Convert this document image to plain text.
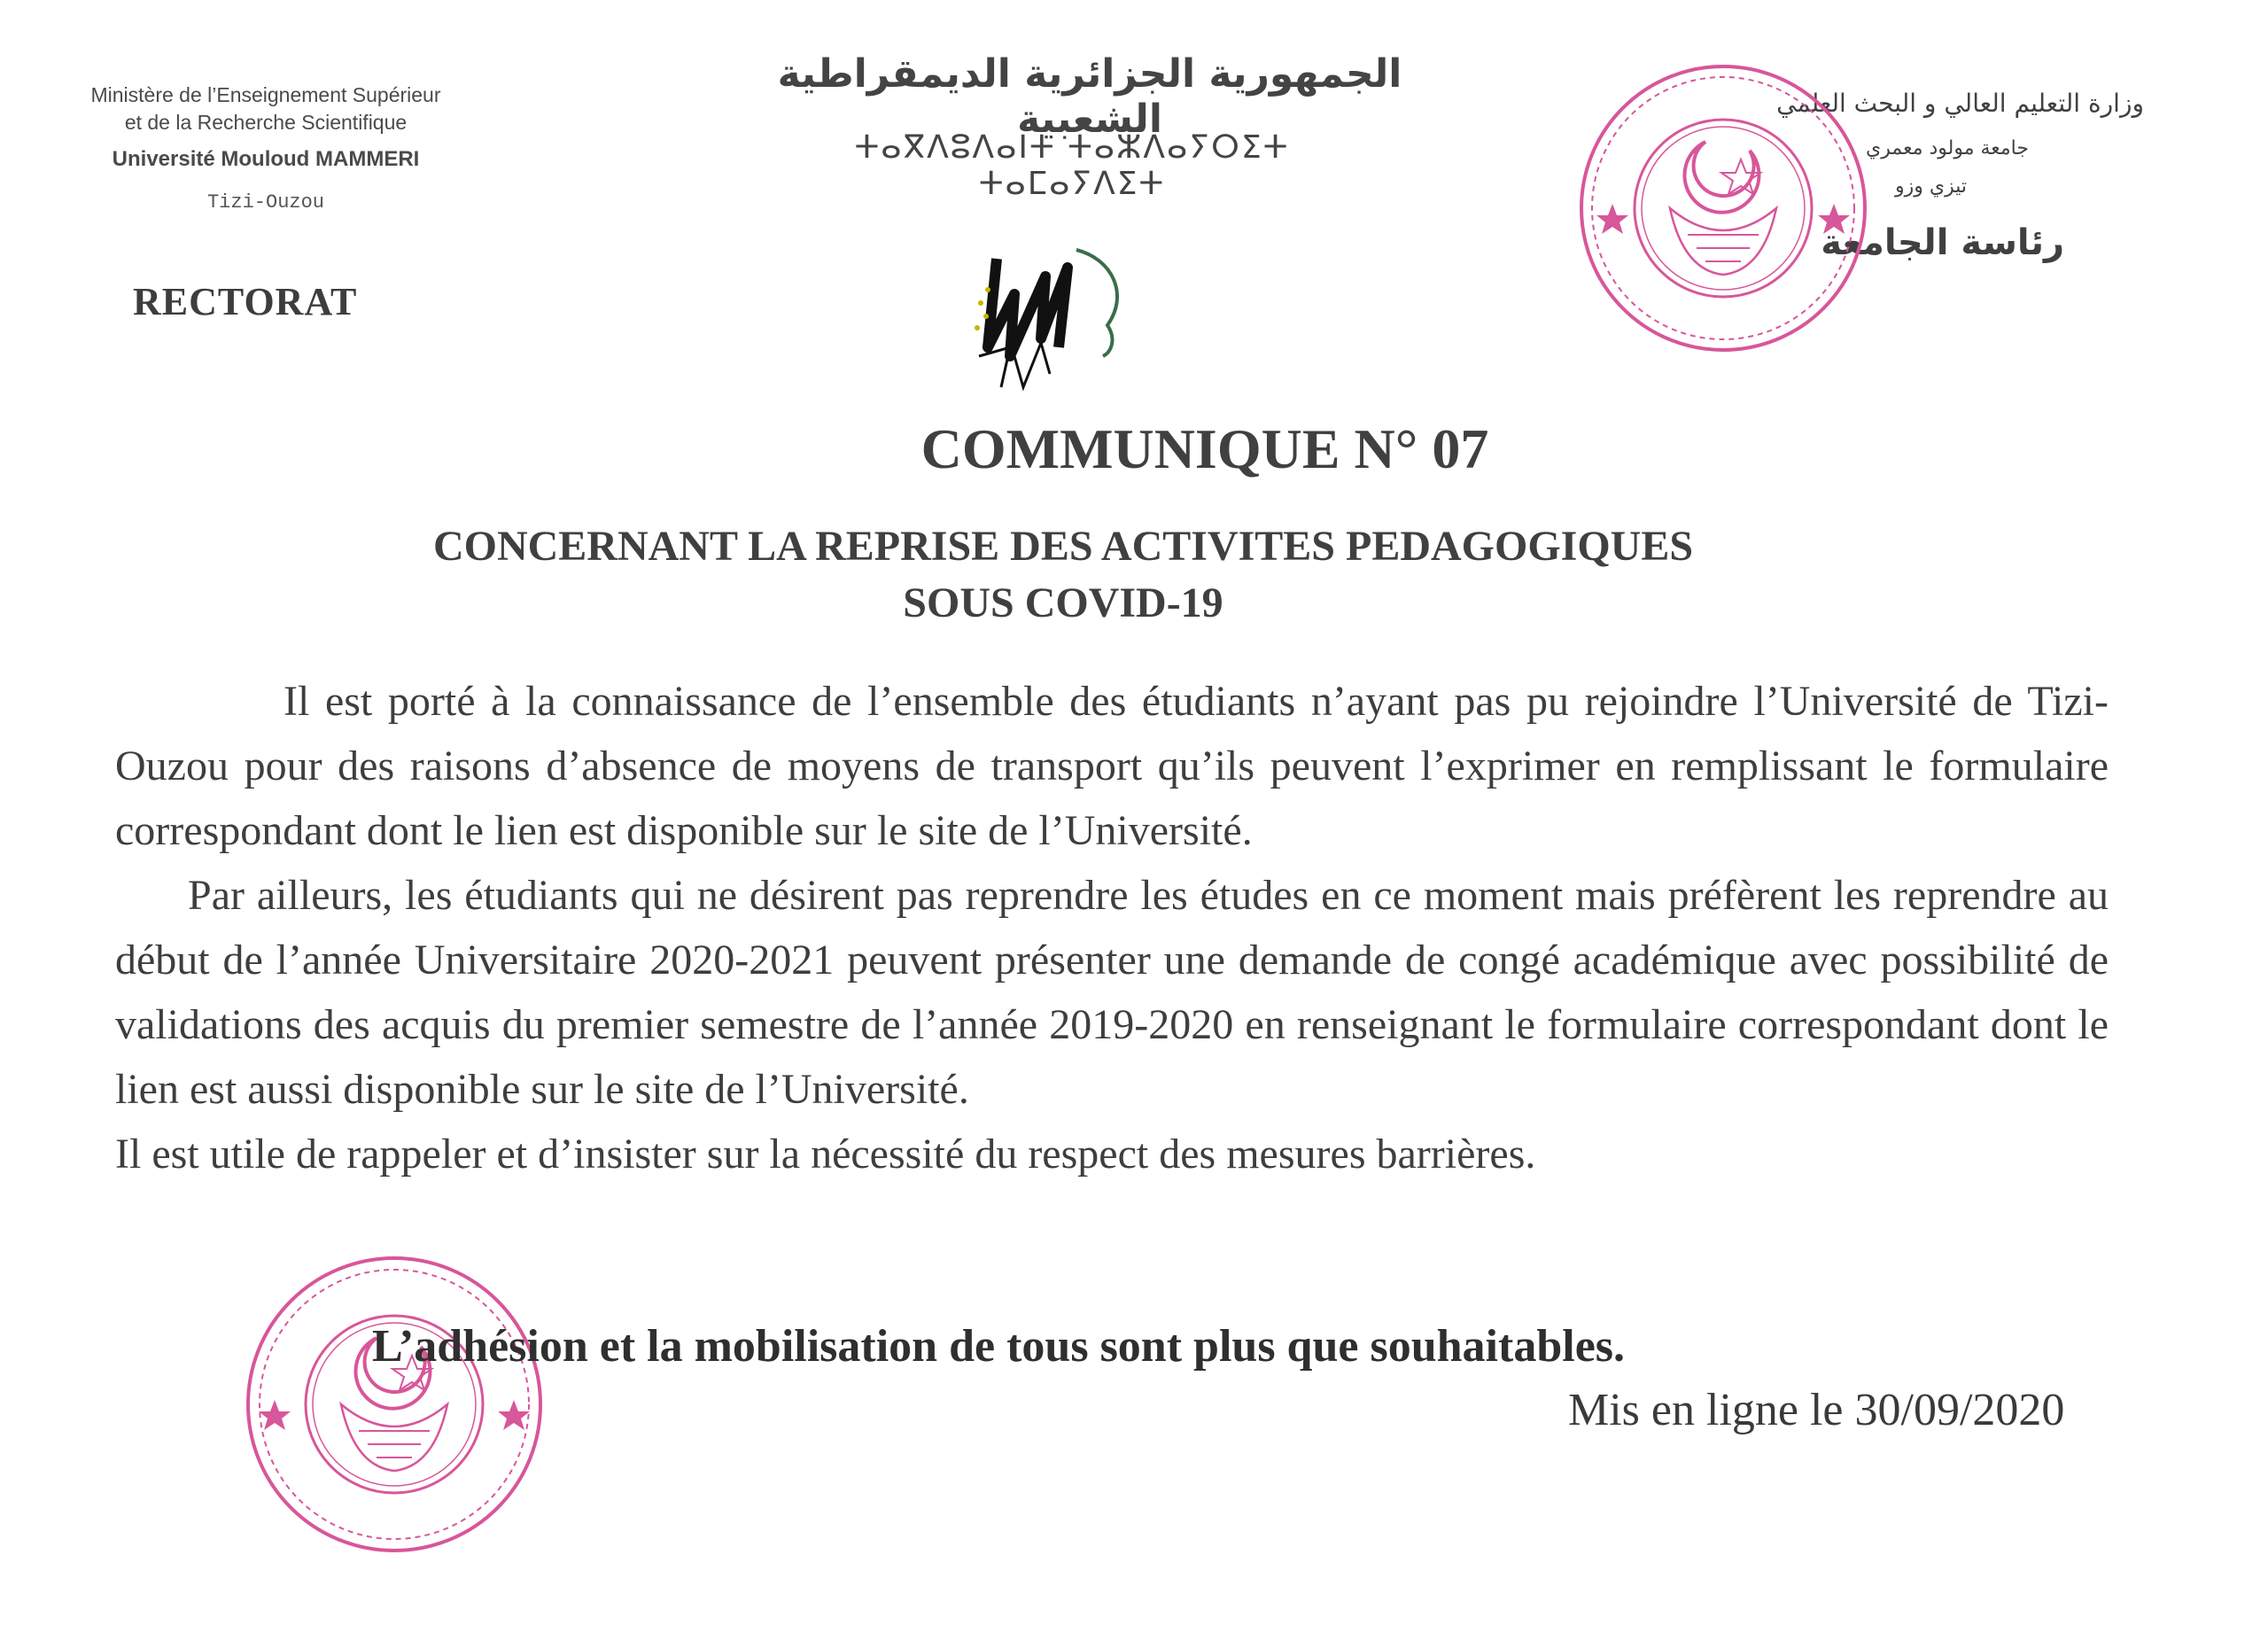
Ministère de l’Enseignement Supérieur
et de la Recherche Scientifique
Université Mouloud MAMMERI
Tizi-Ouzou
RECTORAT
الجمهورية الجزائرية الديمقراطية الشعبية
ⵜⴰⴳⴷⵓⴷⴰⵏⵜ ⵜⴰⵣⴷⴰⵢⵔⵉⵜ ⵜⴰⵎⴰⵢⴷⵉⵜ
وزارة التعليم العالي و البحث العلمي
جامعة مولود معمري
تيزي وزو
رئاسة الجامعة
COMMUNIQUE N° 07
CONCERNANT LA REPRISE DES ACTIVITES PEDAGOGIQUES
SOUS COVID-19

Il est porté à la connaissance de l’ensemble des étudiants n’ayant pas pu rejoindre l’Université de Tizi-Ouzou pour des raisons d’absence de moyens de transport qu’ils peuvent l’exprimer en remplissant le formulaire correspondant dont le lien est disponible sur le site de l’Université.

Par ailleurs, les étudiants qui ne désirent pas reprendre les études en ce moment mais préfèrent les reprendre au début de l’année Universitaire 2020-2021 peuvent présenter une demande de congé académique avec possibilité de validations des acquis du premier semestre de l’année 2019-2020 en renseignant le formulaire correspondant dont le lien est aussi disponible sur le site de l’Université.

Il est utile de rappeler et d’insister sur la nécessité du respect des mesures barrières.

L’adhésion et la mobilisation de tous sont plus que souhaitables.
Mis en ligne le 30/09/2020
